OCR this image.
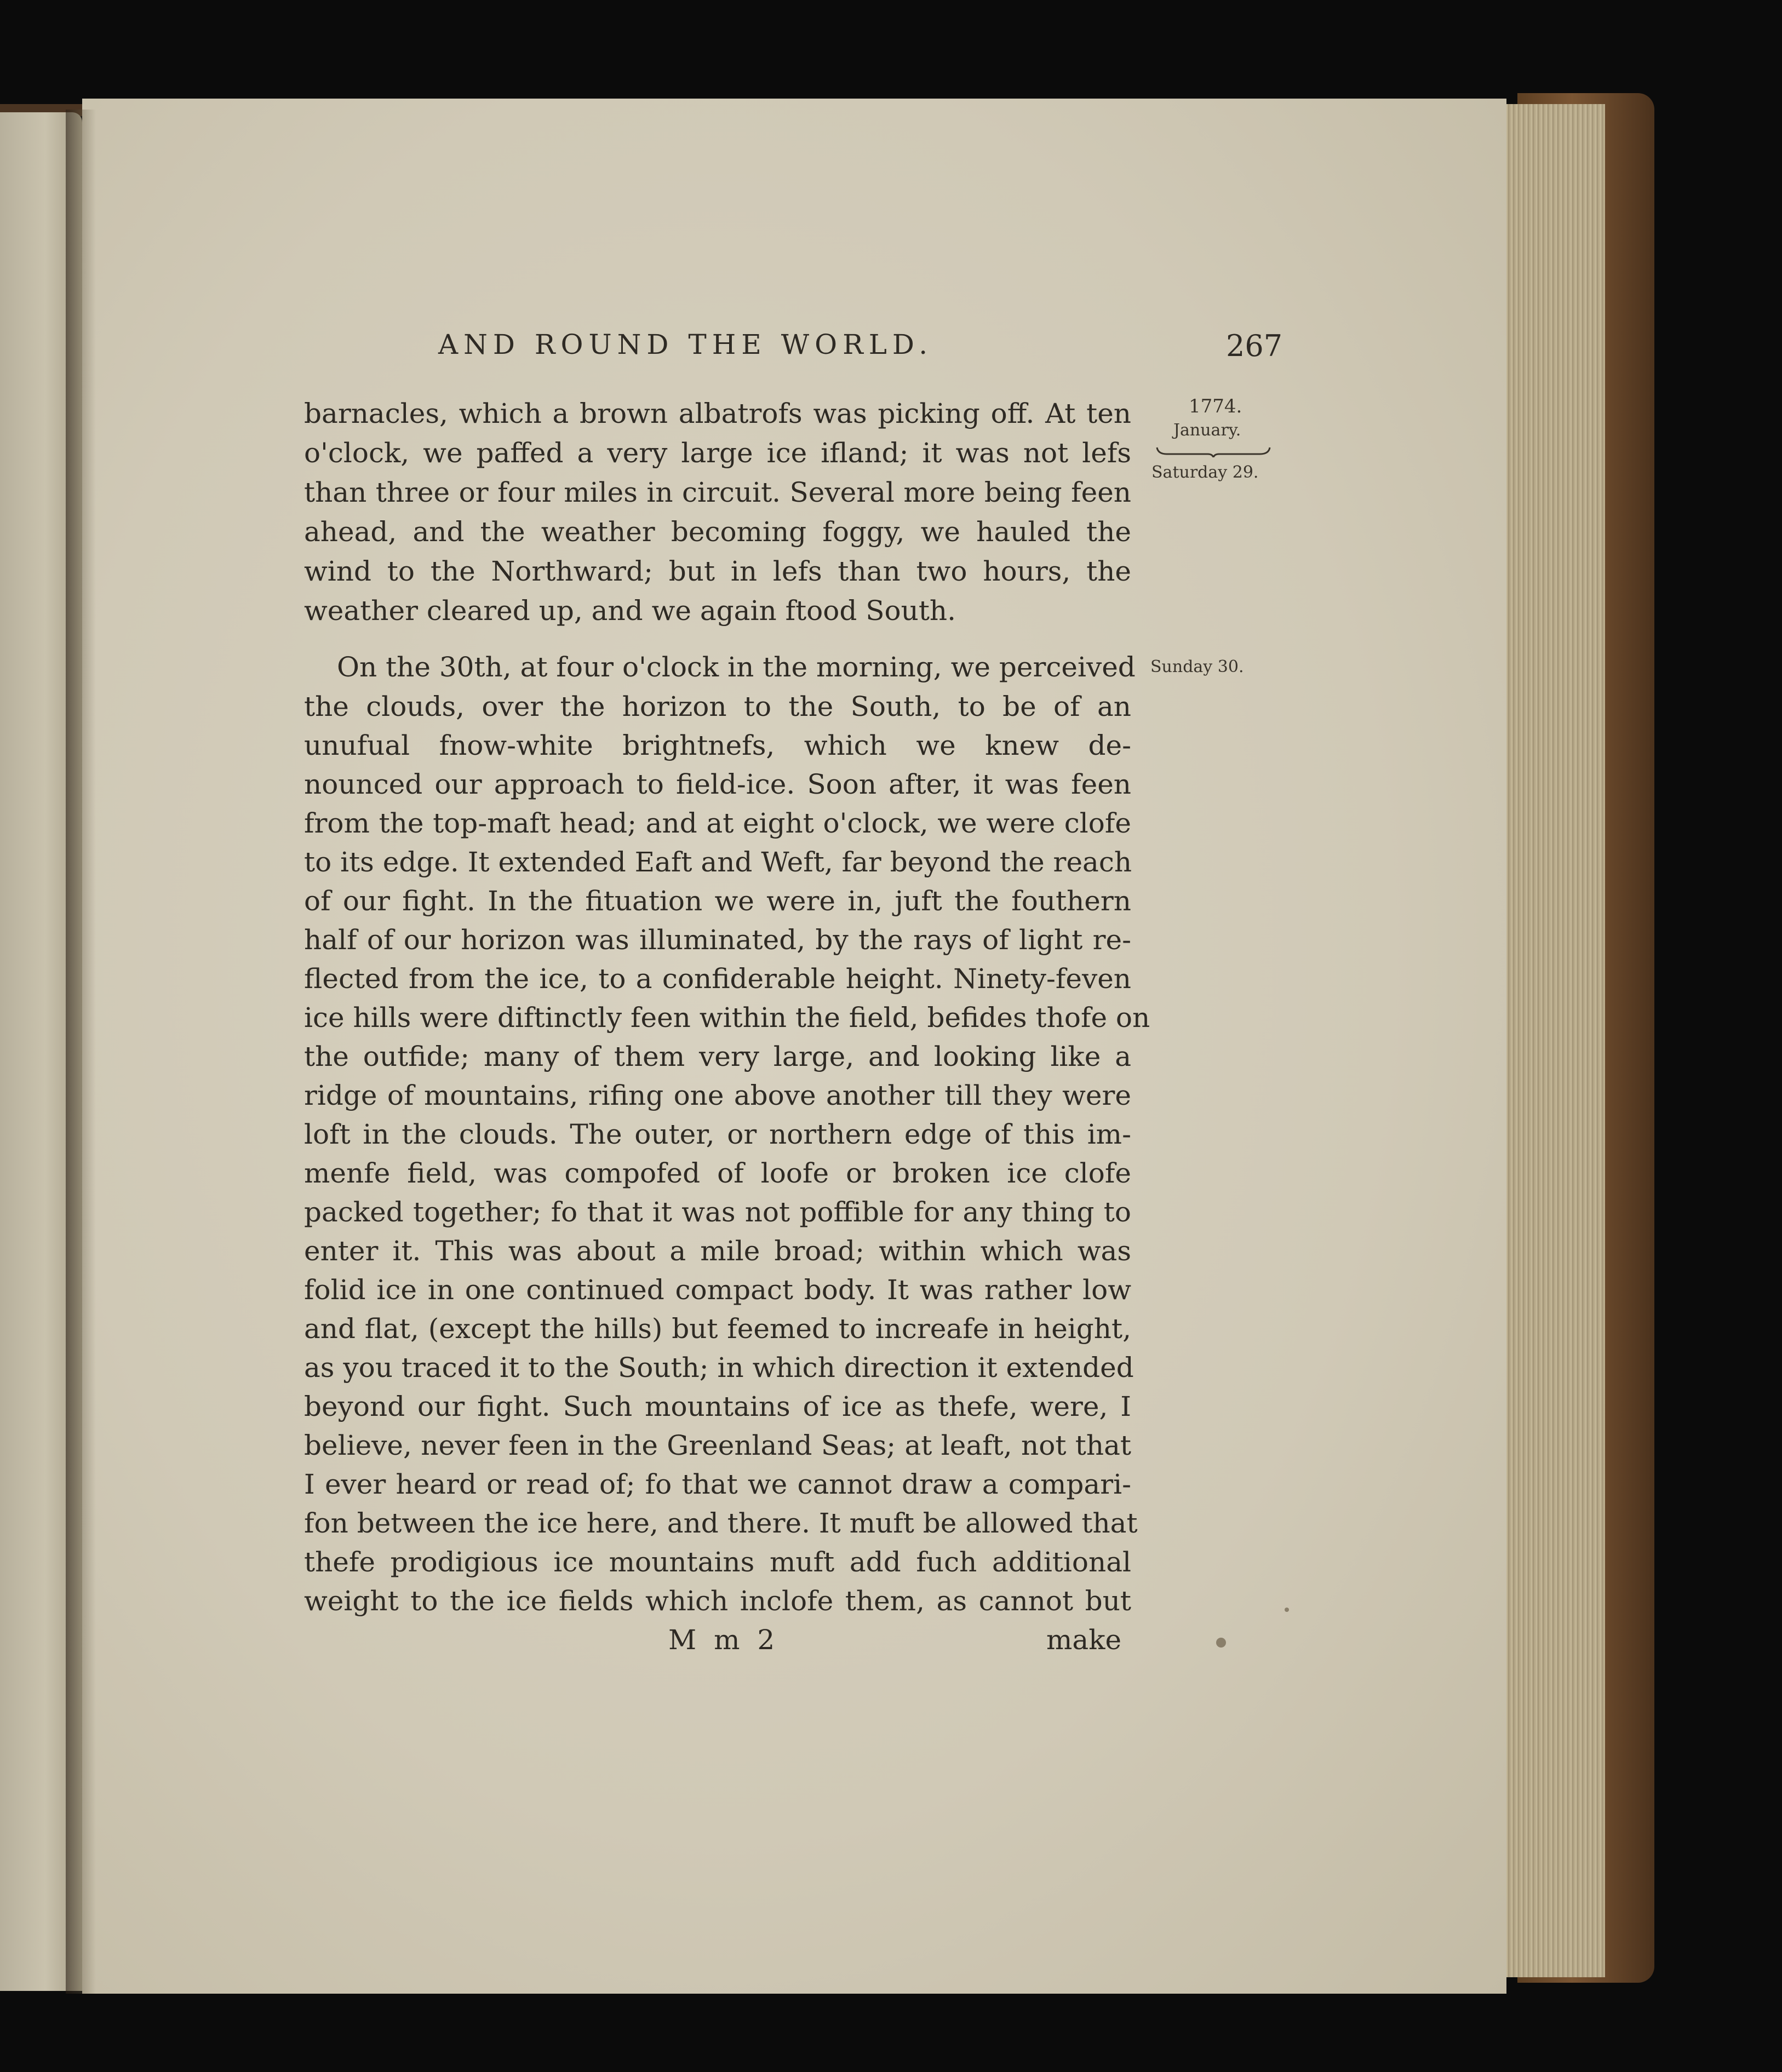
AND ROUND THE WORLD.	267
1774.
January.
Saturday 29.
Sunday 30.
barnacles, which a brown albatrofs was picking off. At ten
o'clock, we paffed a very large ice ifland; it was not lefs
than three or four miles in circuit. Several more being feen
ahead, and the weather becoming foggy, we hauled the
wind to the Northward; but in lefs than two hours, the
weather cleared up, and we again ftood South.
On the 30th, at four o'clock in the morning, we perceived
the clouds, over the horizon to the South, to be of an
unufual fnow-white brightnefs, which we knew de-
nounced our approach to field-ice. Soon after, it was feen
from the top-maft head; and at eight o'clock, we were clofe
to its edge. It extended Eaft and Weft, far beyond the reach
of our fight. In the fituation we were in, juft the fouthern
half of our horizon was illuminated, by the rays of light re-
flected from the ice, to a confiderable height. Ninety-feven
ice hills were diftinctly feen within the field, befides thofe on
the outfide; many of them very large, and looking like a
ridge of mountains, rifing one above another till they were
loft in the clouds. The outer, or northern edge of this im-
menfe field, was compofed of loofe or broken ice clofe
packed together; fo that it was not poffible for any thing to
enter it. This was about a mile broad; within which was
folid ice in one continued compact body. It was rather low
and flat, (except the hills) but feemed to increafe in height,
as you traced it to the South; in which direction it extended
beyond our fight. Such mountains of ice as thefe, were, I
believe, never feen in the Greenland Seas; at leaft, not that
I ever heard or read of; fo that we cannot draw a compari-
fon between the ice here, and there. It muft be allowed that
thefe prodigious ice mountains muft add fuch additional
weight to the ice fields which inclofe them, as cannot but
M m 2	make
